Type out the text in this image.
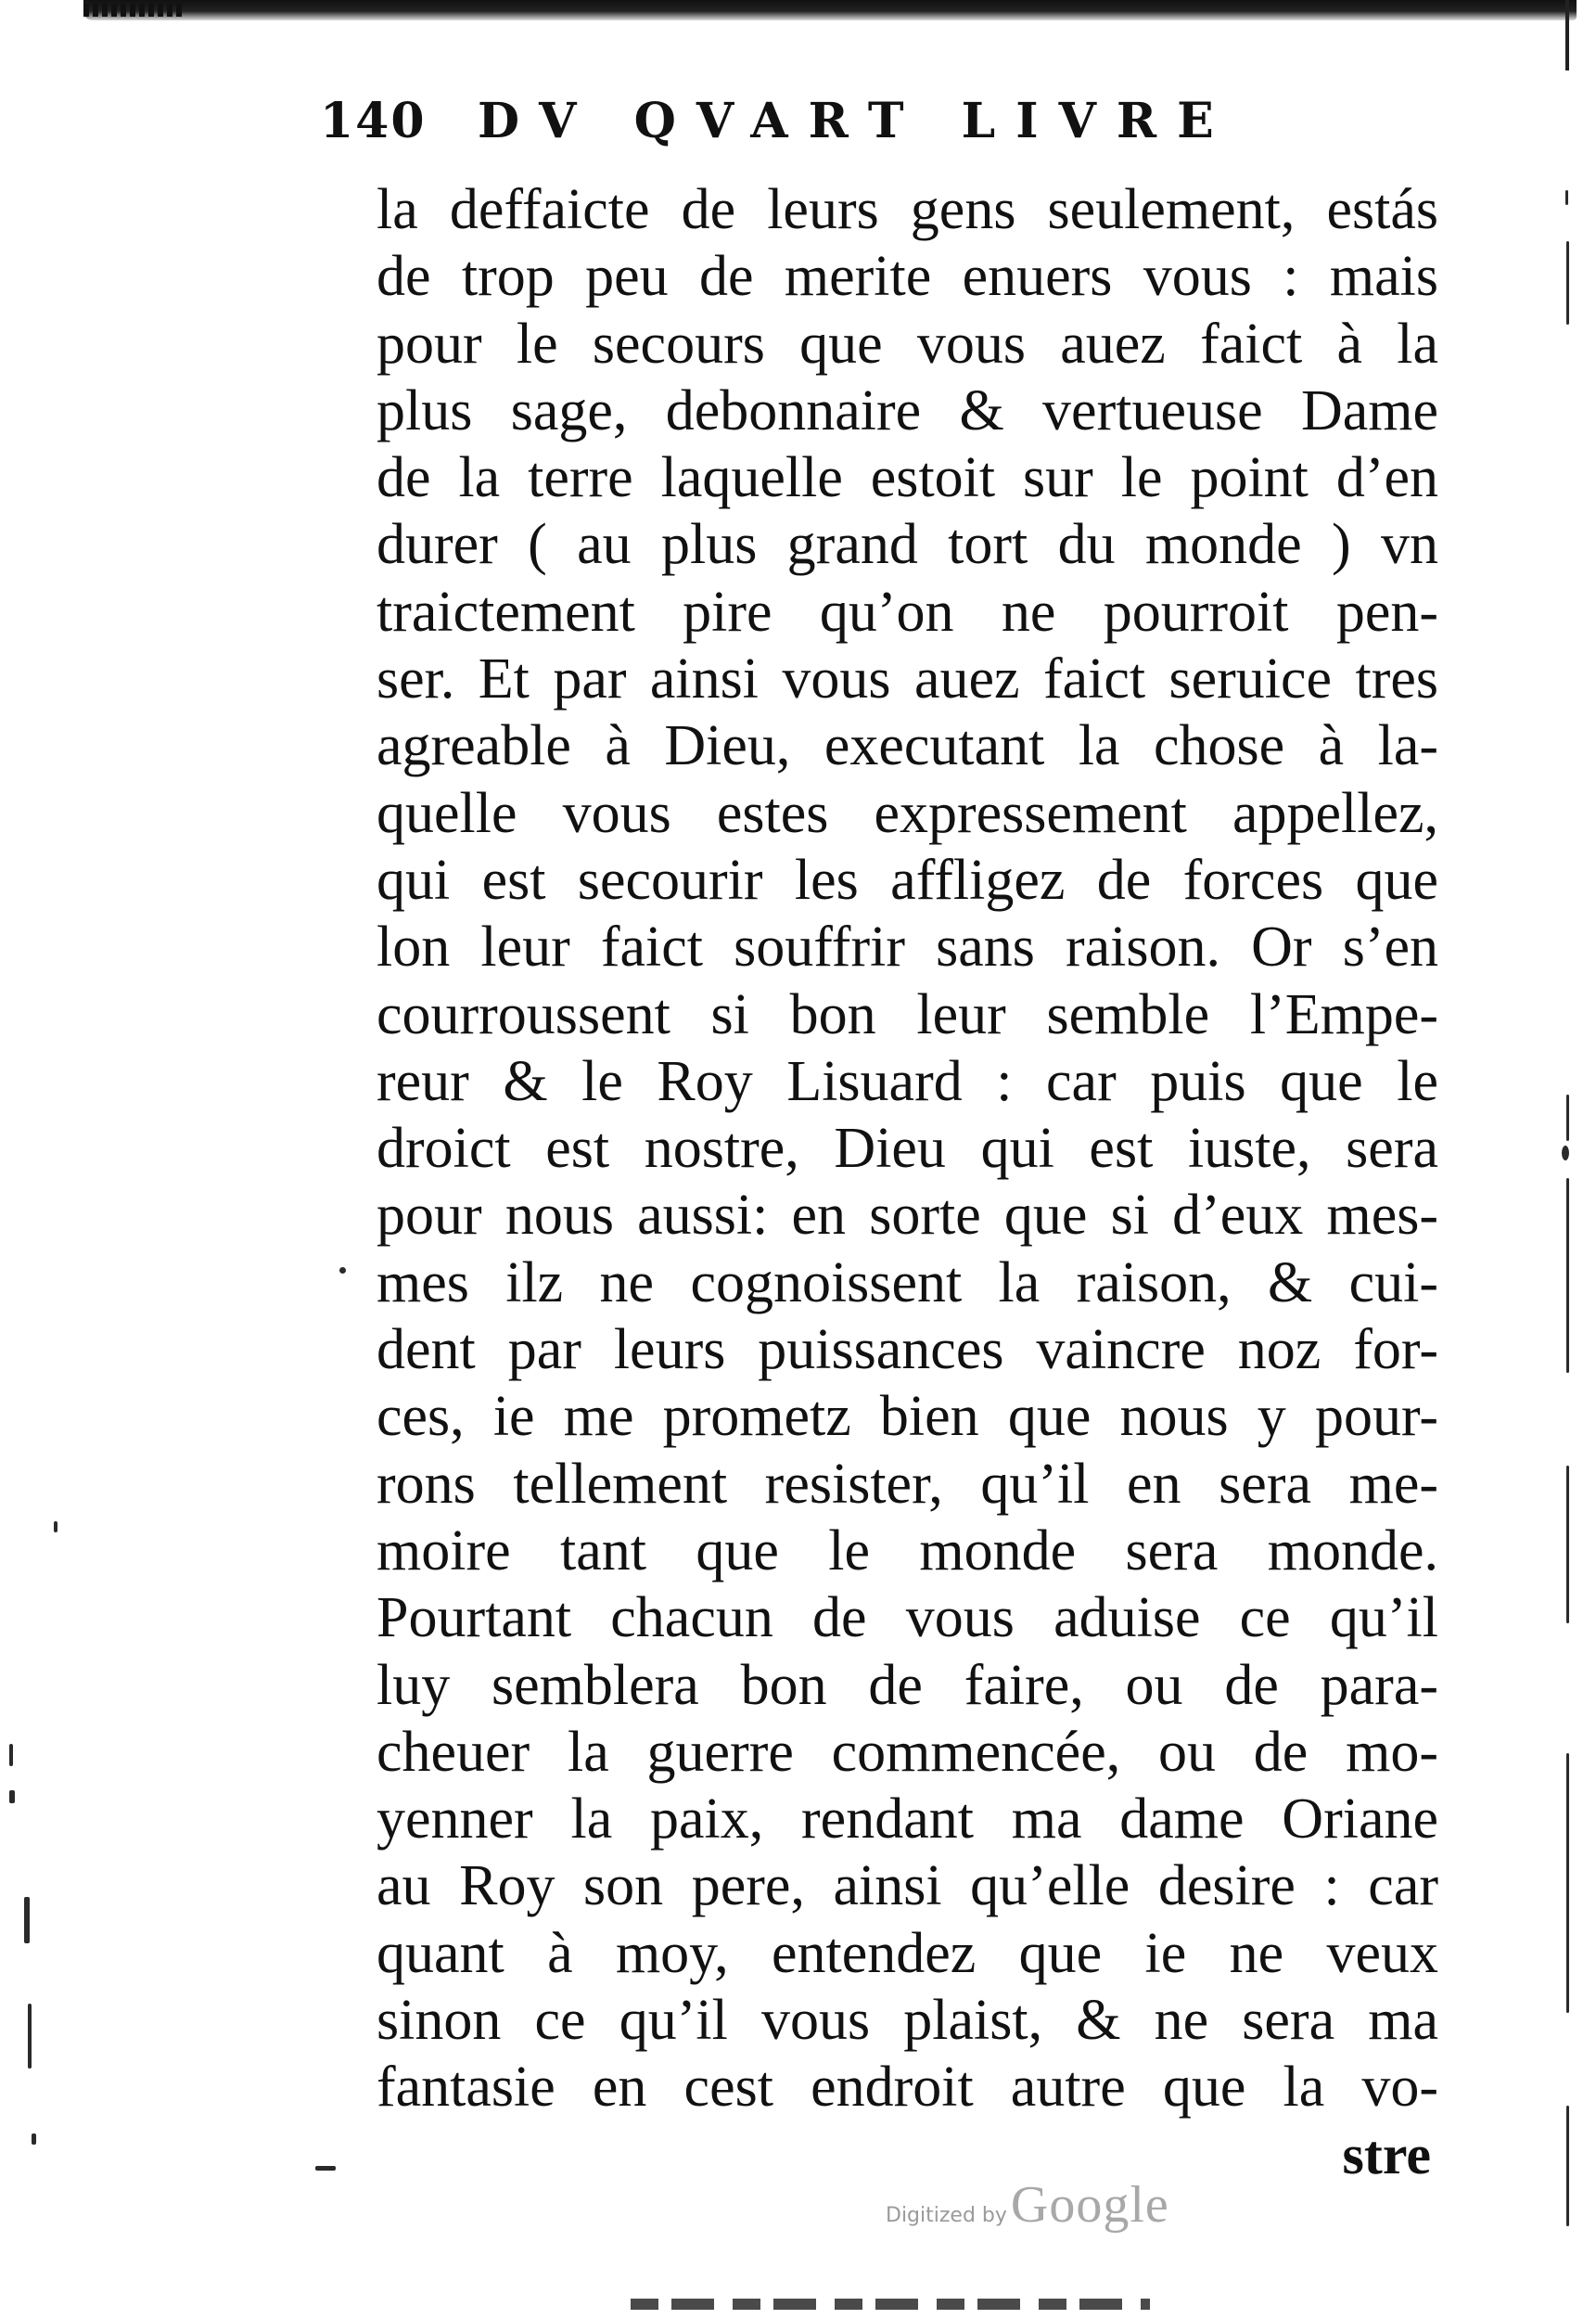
140	DV QVART LIVRE
la deffaicte de leurs gens seulement, estás
de trop peu de merite enuers vous : mais
pour le secours que vous auez faict à la
plus sage, debonnaire & vertueuse Dame
de la terre laquelle estoit sur le point d’en
durer ( au plus grand tort du monde ) vn
traictement pire qu’on ne pourroit pen-
ser. Et par ainsi vous auez faict seruice tres
agreable à Dieu, executant la chose à la-
quelle vous estes expressement appellez,
qui est secourir les affligez de forces que
lon leur faict souffrir sans raison. Or s’en
courroussent si bon leur semble l’Empe-
reur & le Roy Lisuard : car puis que le
droict est nostre, Dieu qui est iuste, sera
pour nous aussi: en sorte que si d’eux mes-
mes ilz ne cognoissent la raison, & cui-
dent par leurs puissances vaincre noz for-
ces, ie me prometz bien que nous y pour-
rons tellement resister, qu’il en sera me-
moire tant que le monde sera monde.
Pourtant chacun de vous aduise ce qu’il
luy semblera bon de faire, ou de para-
cheuer la guerre commencée, ou de mo-
yenner la paix, rendant ma dame Oriane
au Roy son pere, ainsi qu’elle desire : car
quant à moy, entendez que ie ne veux
sinon ce qu’il vous plaist, & ne sera ma
fantasie en cest endroit autre que la vo-
stre
Digitized by Google
